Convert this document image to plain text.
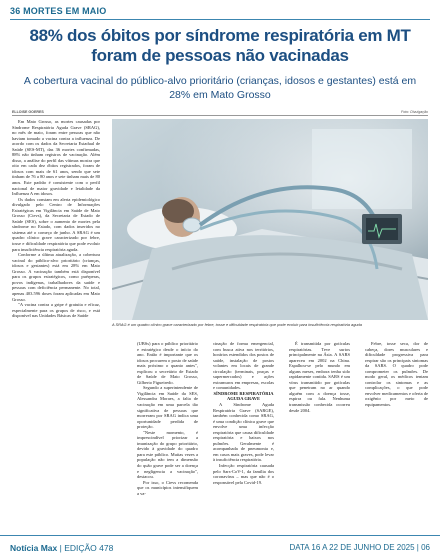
36 MORTES EM MAIO
88% dos óbitos por síndrome respiratória em MT foram de pessoas não vacinadas
A cobertura vacinal do público-alvo prioritário (crianças, idosos e gestantes) está em 28% em Mato Grosso
ELLOISE GOERES	Foto: Divulgação

Em Mato Grosso, as mortes causadas por Síndrome Respiratória Aguda Grave (SRAG), no mês de maio, foram entre pessoas que não haviam tomado a vacina contra a influenza. De acordo com os dados da Secretaria Estadual de Saúde (SES-MT), das 36 mortes confirmadas, 88% não tinham registros de vacinação. Além disso, a análise do perfil das vítimas mostra que oito em cada dez óbitos registrados, foram de idosos com mais de 61 anos, sendo que sete tinham de 76 a 80 anos e sete tinham mais de 80 anos. Este padrão é consistente com o perfil nacional de maior gravidade e letalidade da Influenza A em idosos.

Os dados constam em alerta epidemiológico divulgado pelo Centro de Informações Estratégicas em Vigilância em Saúde de Mato Grosso (Cievs), da Secretaria de Estado de Saúde (SES), sobre o aumento de mortes pela síndrome no Estado, com dados inseridos no sistema até o começo de junho. A SRAG é um quadro clínico grave caracterizado por febre, tosse e dificuldade respiratória que pode evoluir para insuficiência respiratória aguda.

Conforme a última atualização, a cobertura vacinal do público-alvo prioritário (crianças, idosos e gestantes) está em 28% em Mato Grosso. A vacinação também está disponível para os grupos estratégicos, como puérperas, povos indígenas, trabalhadores da saúde e pessoas com deficiência permanente. No total, apenas 403.596 doses foram aplicadas em Mato Grosso.

"A vacina contra a gripe é gratuita e eficaz, especialmente para os grupos de risco, e está disponível nas Unidades Básicas de Saúde

A SRAG é um quadro clínico grave caracterizado por febre, tosse e dificuldade respiratória que pode evoluir para insuficiência respiratória aguda

(UBSs) para o público prioritário e estratégico desde o início do ano. Então é importante que os idosos procurem o posto de saúde mais próximo o quanto antes", explicou o secretário de Estado de Saúde de Mato Grosso, Gilberto Figueiredo.

Segundo a superintendente de Vigilância em Saúde da SES, Alessandra Moraes, a falta de vacinação em uma parcela tão significativa de pessoas que morreram por SRAG indica uma oportunidade perdida de proteção.

"Neste momento, é imprescindível priorizar a imunização do grupo prioritário, devido à gravidade do quadro para este público. Muitas vezes a população não tem a dimensão do quão grave pode ser a doença e negligencia a vacinação", destacou.

Por isso, o Cievs recomenda que os municípios intensifiquem a va-

cinação de forma emergencial, com busca ativa nos territórios, horários estendidos dos postos de saúde, instalação de postos volantes em locais de grande circulação (terminais, praças e supermercados) e ações extramuros em empresas, escolas e comunidades.

SÍNDROME RESPIRATÓRIA AGUDA GRAVE

A Síndrome Aguda Respiratória Grave (SARGE), também conhecida como SRAG, é uma condição clínica grave que envolve uma infecção respiratória que causa dificuldade respiratória e baixos nos pulmões. Geralmente é acompanhada de pneumonia e, em casos mais graves, pode levar à insuficiência respiratória.

Infecção respiratória causada pelo Sars-CoV-1, da família dos coronavírus – mas que não é o responsável pela Covid-19.

É transmitida por gotículas respiratórias. Teve surtos principalmente na Ásia. A SARS apareceu em 2002 na China. Espalhou-se pelo mundo em alguns meses, embora tenha sido rapidamente contida. SARS é um vírus transmitido por gotículas que penetram no ar quando alguém com a doença tosse, espirra ou fala. Nenhuma transmissão conhecida ocorreu desde 2004.

Febre, tosse seca, dor de cabeça, dores musculares e dificuldade progressiva para respirar são os principais sintomas da SARS. O quadro pode comprometer os pulmões. De modo geral, os médicos tentam controlar os sintomas e as complicações, o que pode envolver medicamentos e oferta de oxigênio por meio de equipamentos.

Notícia Max | EDIÇÃO 478	DATA 16 A 22 DE JUNHO DE 2025 | 06
